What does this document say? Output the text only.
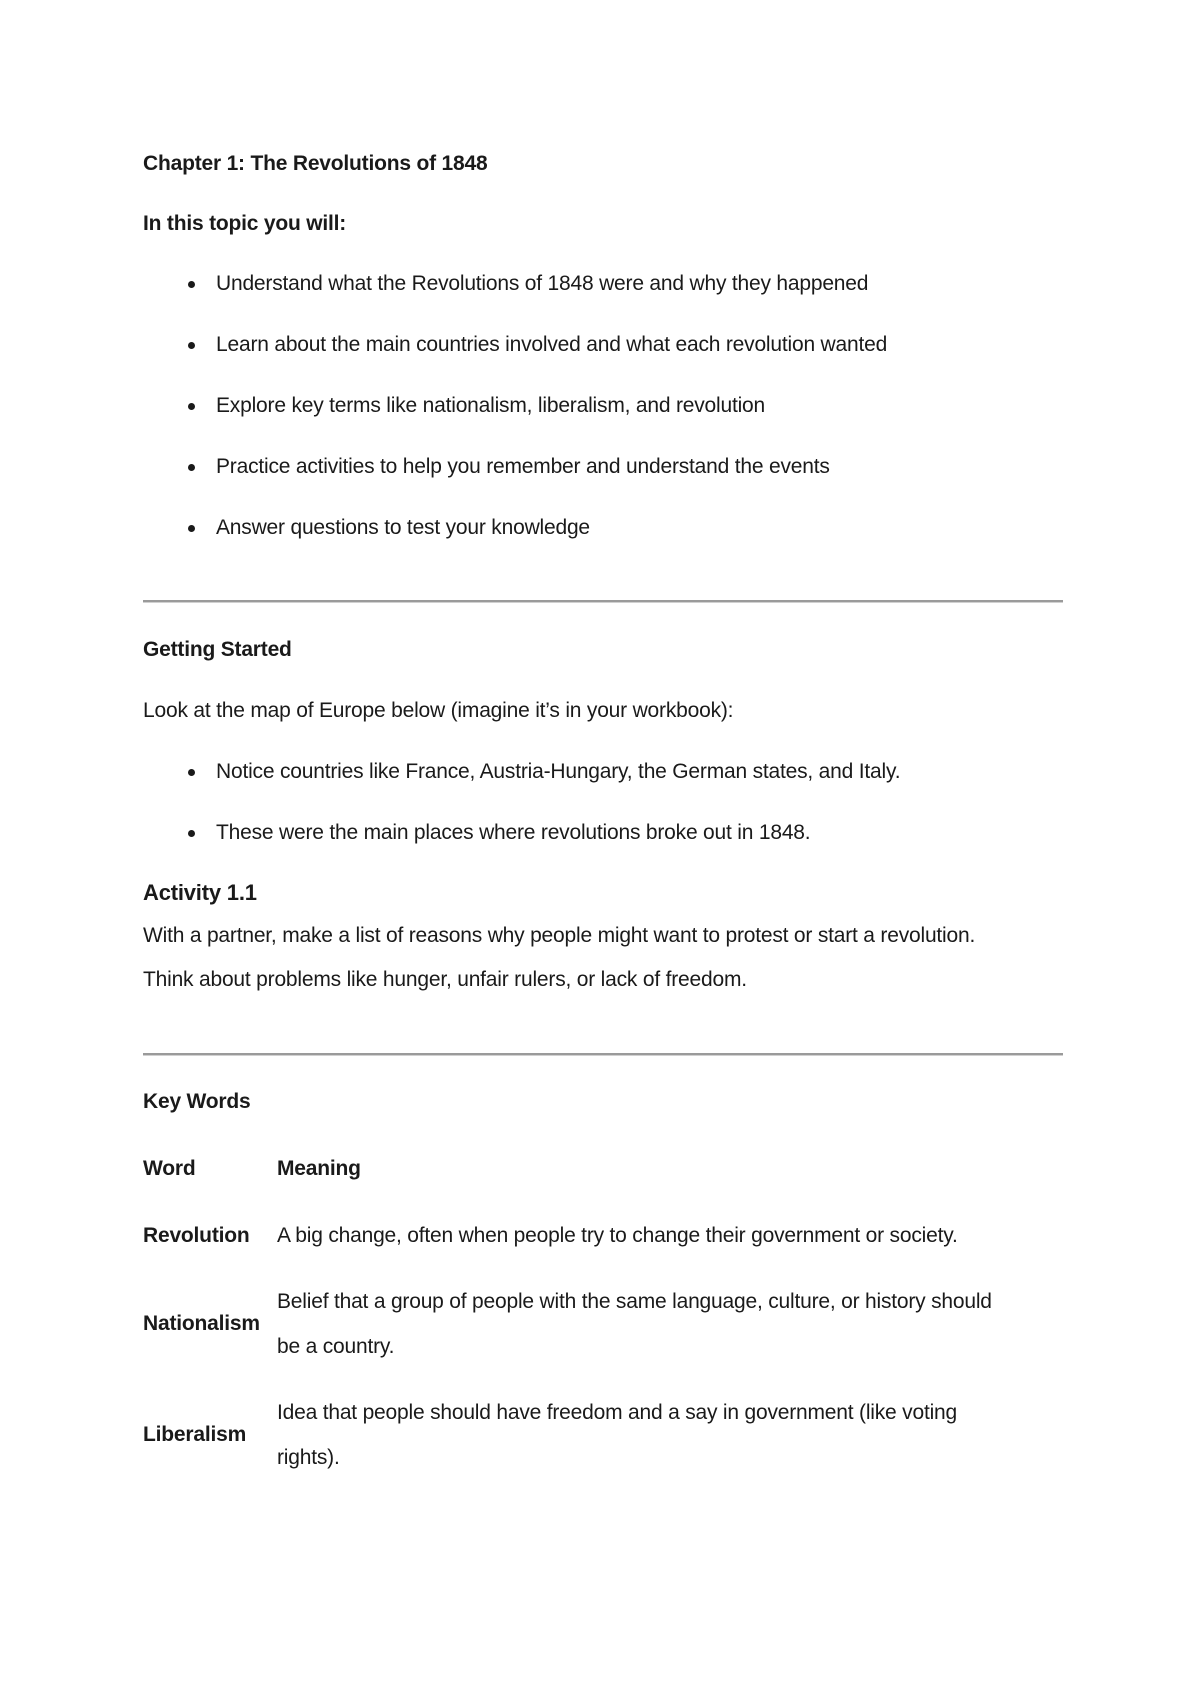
Chapter 1: The Revolutions of 1848
In this topic you will:
Understand what the Revolutions of 1848 were and why they happened
Learn about the main countries involved and what each revolution wanted
Explore key terms like nationalism, liberalism, and revolution
Practice activities to help you remember and understand the events
Answer questions to test your knowledge
Getting Started
Look at the map of Europe below (imagine it’s in your workbook):
Notice countries like France, Austria-Hungary, the German states, and Italy.
These were the main places where revolutions broke out in 1848.
Activity 1.1
With a partner, make a list of reasons why people might want to protest or start a revolution.
Think about problems like hunger, unfair rulers, or lack of freedom.
Key Words
Word	Meaning
Revolution A big change, often when people try to change their government or society.
Nationalism
Belief that a group of people with the same language, culture, or history should
be a country.
Liberalism
Idea that people should have freedom and a say in government (like voting
rights).
